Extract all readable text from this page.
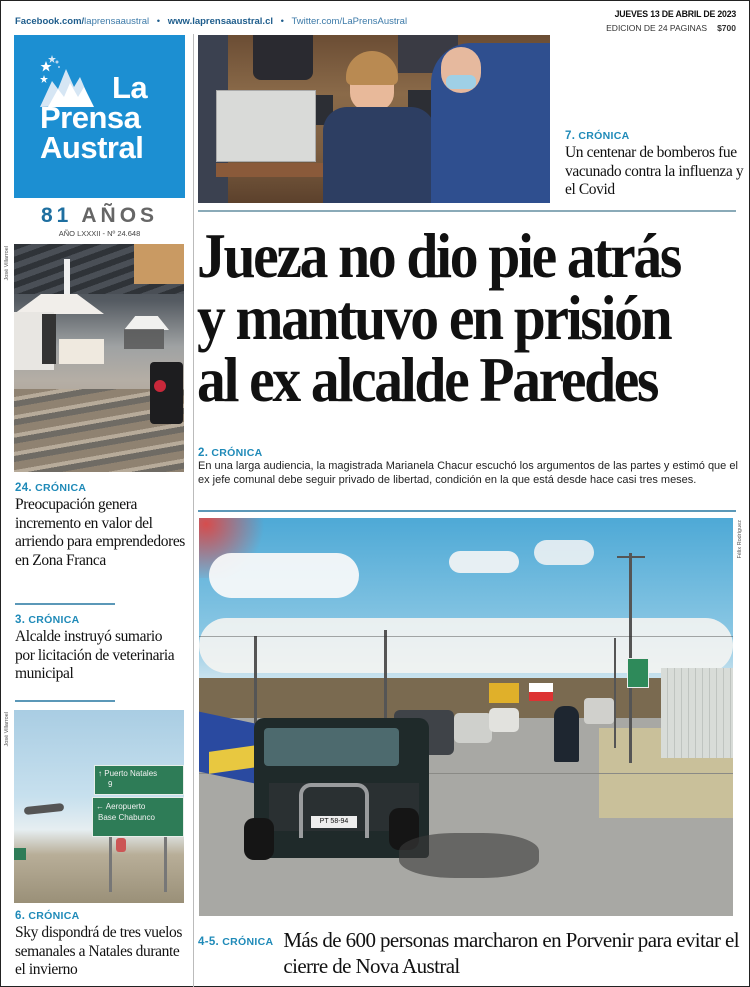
Facebook.com/laprensaaustral • www.laprensaaustral.cl • Twitter.com/LaPrensAustral
JUEVES 13 DE ABRIL DE 2023
EDICION DE 24 PAGINAS $700
La
Prensa
Austral
81 AÑOS
AÑO LXXXII - Nº 24.648
7. CRÓNICA
Un centenar de bomberos fue vacunado contra la influenza y el Covid
Jueza no dio pie atrás
y mantuvo en prisión
al ex alcalde Paredes
2. CRÓNICA
En una larga audiencia, la magistrada Marianela Chacur escuchó los argumentos de las partes y estimó que el ex jefe comunal debe seguir privado de libertad, condición en la que está desde hace casi tres meses.
PT 58-94
Félix Rodríguez
José Villarroel
24. CRÓNICA
Preocupación genera incremento en valor del arriendo para emprendedores en Zona Franca
3. CRÓNICA
Alcalde instruyó sumario por licitación de veterinaria municipal
↑ Puerto Natales
9
← Aeropuerto
Base Chabunco
José Villarroel
6. CRÓNICA
Sky dispondrá de tres vuelos semanales a Natales durante el invierno
4-5. CRÓNICA Más de 600 personas marcharon en Porvenir para evitar el cierre de Nova Austral
